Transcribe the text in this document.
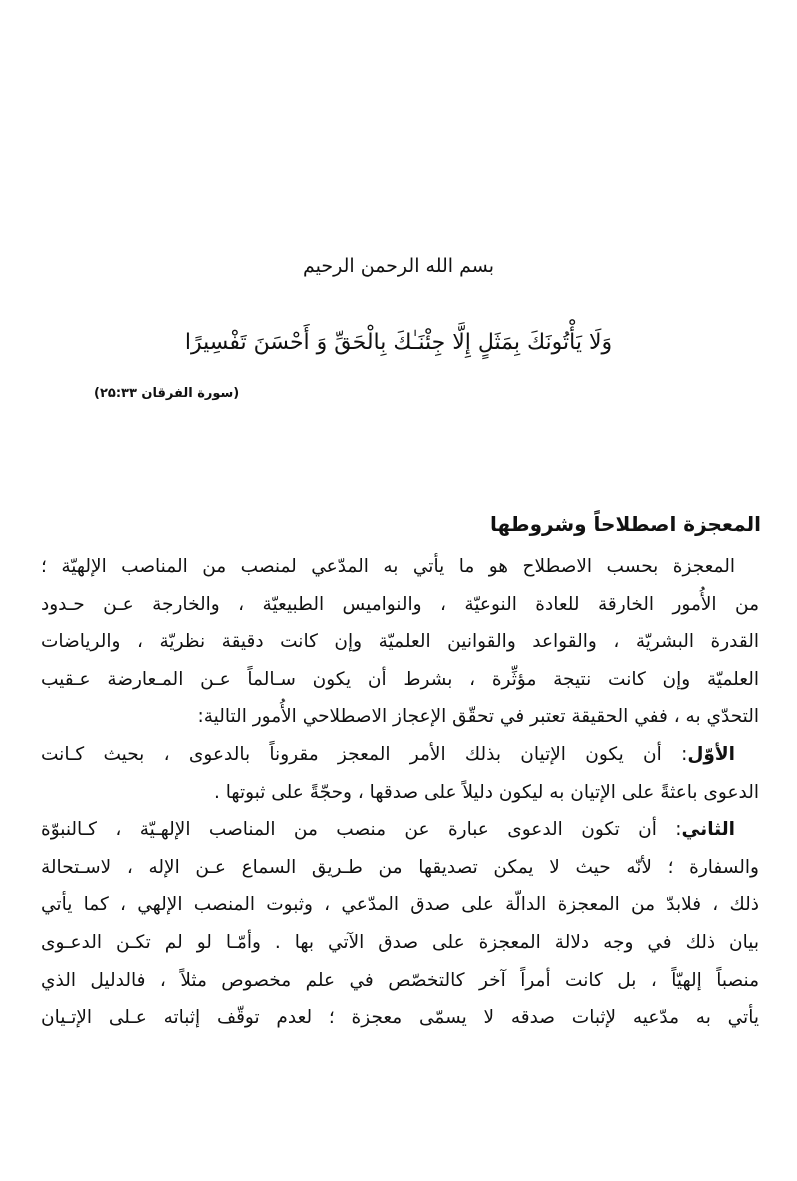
بسم الله الرحمن الرحيم
وَلَا يَأْتُونَكَ بِمَثَلٍ إِلَّا جِئْنَـٰكَ بِالْحَقِّ وَ أَحْسَنَ تَفْسِيرًا
(سورة الفرقان ۲۵:۳۳)
المعجزة اصطلاحاً وشروطها
المعجزة بحسب الاصطلاح هو ما يأتي به المدّعي لمنصب من المناصب الإلهيّة ؛
من الأُمور الخارقة للعادة النوعيّة ، والنواميس الطبيعيّة ، والخارجة عـن حـدود
القدرة البشريّة ، والقواعد والقوانين العلميّة وإن كانت دقيقة نظريّة ، والرياضات
العلميّة وإن كانت نتيجة مؤثِّرة ، بشرط أن يكون سـالماً عـن المـعارضة عـقيب
التحدّي به ، ففي الحقيقة تعتبر في تحقّق الإعجاز الاصطلاحي الأُمور التالية:
الأوّل: أن يكون الإتيان بذلك الأمر المعجز مقروناً بالدعوى ، بحيث كـانت
الدعوى باعثةً على الإتيان به ليكون دليلاً على صدقها ، وحجّةً على ثبوتها .
الثاني: أن تكون الدعوى عبارة عن منصب من المناصب الإلهـيّة ، كـالنبوّة
والسفارة ؛ لأنّه حيث لا يمكن تصديقها من طـريق السماع عـن الإله ، لاسـتحالة
ذلك ، فلابدّ من المعجزة الدالّة على صدق المدّعي ، وثبوت المنصب الإلهي ، كما يأتي
بيان ذلك في وجه دلالة المعجزة على صدق الآتي بها . وأمّـا لو لم تكـن الدعـوى
منصباً إلهيّاً ، بل كانت أمراً آخر كالتخصّص في علم مخصوص مثلاً ، فالدليل الذي
يأتي به مدّعيه لإثبات صدقه لا يسمّى معجزة ؛ لعدم توقّف إثباته عـلى الإتـيان
